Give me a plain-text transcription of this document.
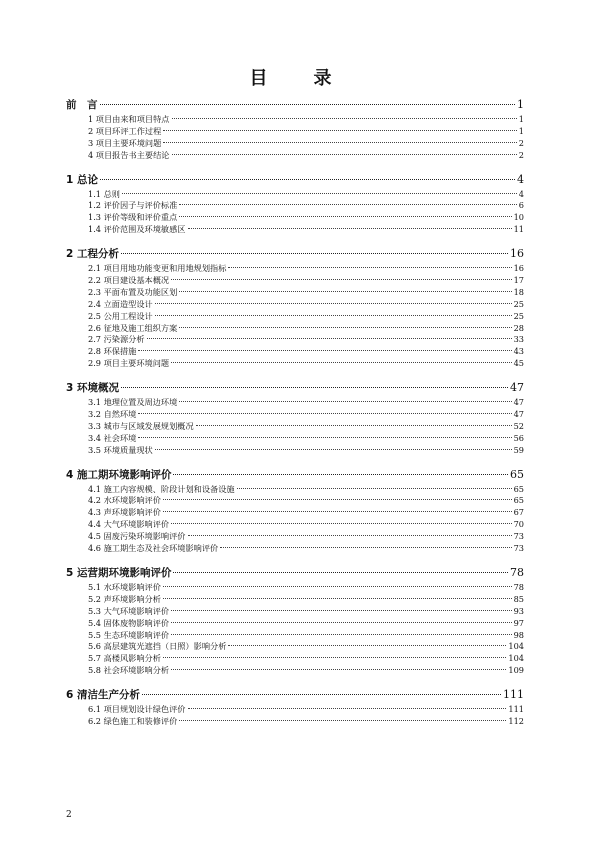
目　录
前　言	1
1 项目由来和项目特点	1
2 项目环评工作过程	1
3 项目主要环境问题	2
4 项目报告书主要结论	2
1 总论	4
1.1 总则	4
1.2 评价因子与评价标准	6
1.3 评价等级和评价重点	10
1.4 评价范围及环境敏感区	11
2 工程分析	16
2.1 项目用地功能变更和用地规划指标	16
2.2 项目建设基本概况	17
2.3 平面布置及功能区划	18
2.4 立面造型设计	25
2.5 公用工程设计	25
2.6 征地及施工组织方案	28
2.7 污染源分析	33
2.8 环保措施	43
2.9 项目主要环境问题	45
3 环境概况	47
3.1 地理位置及周边环境	47
3.2 自然环境	47
3.3 城市与区域发展规划概况	52
3.4 社会环境	56
3.5 环境质量现状	59
4 施工期环境影响评价	65
4.1 施工内容规模、阶段计划和设备设施	65
4.2 水环境影响评价	65
4.3 声环境影响评价	67
4.4 大气环境影响评价	70
4.5 固废污染环境影响评价	73
4.6 施工期生态及社会环境影响评价	73
5 运营期环境影响评价	78
5.1 水环境影响评价	78
5.2 声环境影响分析	85
5.3 大气环境影响评价	93
5.4 固体废物影响评价	97
5.5 生态环境影响评价	98
5.6 高层建筑光遮挡（日照）影响分析	104
5.7 高楼风影响分析	104
5.8 社会环境影响分析	109
6 清洁生产分析	111
6.1 项目规划设计绿色评价	111
6.2 绿色施工和装修评价	112
2
